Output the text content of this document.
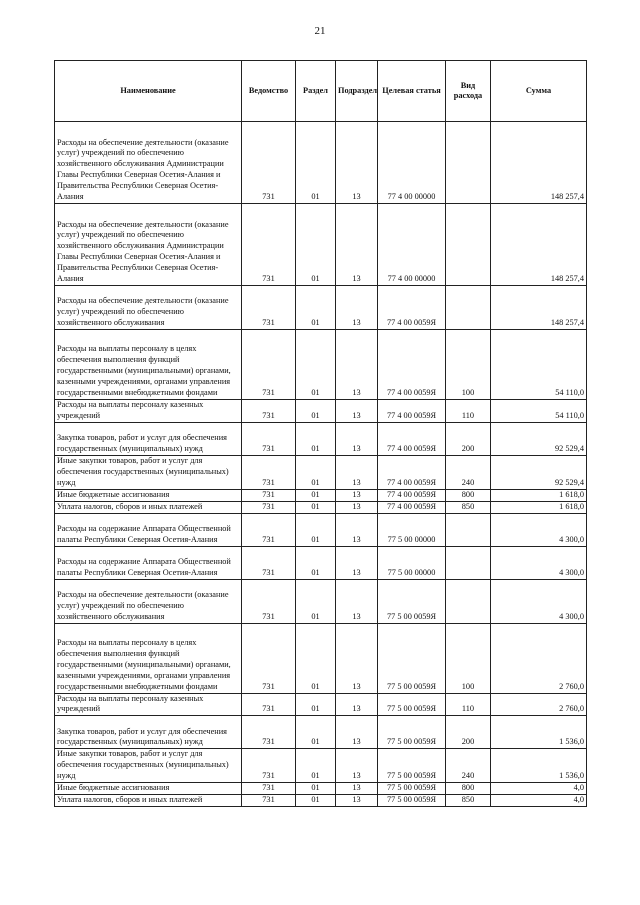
21
Наименование	Ведомство	Раздел	Подраздел	Целевая статья	Вид расхода	Сумма
Расходы на обеспечение деятельности (оказание услуг) учреждений по обеспечению хозяйственного обслуживания Администрации Главы Республики Северная Осетия-Алания и Правительства Республики Северная Осетия-Алания	731	01	13	77 4 00 00000		148 257,4
Расходы на обеспечение деятельности (оказание услуг) учреждений по обеспечению хозяйственного обслуживания Администрации Главы Республики Северная Осетия-Алания и Правительства Республики Северная Осетия-Алания	731	01	13	77 4 00 00000		148 257,4
Расходы на обеспечение деятельности (оказание услуг) учреждений по обеспечению хозяйственного обслуживания	731	01	13	77 4 00 0059Я		148 257,4
Расходы на выплаты персоналу в целях обеспечения выполнения функций государственными (муниципальными) органами, казенными учреждениями, органами управления государственными внебюджетными фондами	731	01	13	77 4 00 0059Я	100	54 110,0
Расходы на выплаты персоналу казенных учреждений	731	01	13	77 4 00 0059Я	110	54 110,0
Закупка товаров, работ и услуг для обеспечения государственных (муниципальных) нужд	731	01	13	77 4 00 0059Я	200	92 529,4
Иные закупки товаров, работ и услуг для обеспечения государственных (муниципальных) нужд	731	01	13	77 4 00 0059Я	240	92 529,4
Иные бюджетные ассигнования	731	01	13	77 4 00 0059Я	800	1 618,0
Уплата налогов, сборов и иных платежей	731	01	13	77 4 00 0059Я	850	1 618,0
Расходы на содержание Аппарата Общественной палаты Республики Северная Осетия-Алания	731	01	13	77 5 00 00000		4 300,0
Расходы на содержание Аппарата Общественной палаты Республики Северная Осетия-Алания	731	01	13	77 5 00 00000		4 300,0
Расходы на обеспечение деятельности (оказание услуг) учреждений по обеспечению хозяйственного обслуживания	731	01	13	77 5 00 0059Я		4 300,0
Расходы на выплаты персоналу в целях обеспечения выполнения функций государственными (муниципальными) органами, казенными учреждениями, органами управления государственными внебюджетными фондами	731	01	13	77 5 00 0059Я	100	2 760,0
Расходы на выплаты персоналу казенных учреждений	731	01	13	77 5 00 0059Я	110	2 760,0
Закупка товаров, работ и услуг для обеспечения государственных (муниципальных) нужд	731	01	13	77 5 00 0059Я	200	1 536,0
Иные закупки товаров, работ и услуг для обеспечения государственных (муниципальных) нужд	731	01	13	77 5 00 0059Я	240	1 536,0
Иные бюджетные ассигнования	731	01	13	77 5 00 0059Я	800	4,0
Уплата налогов, сборов и иных платежей	731	01	13	77 5 00 0059Я	850	4,0
